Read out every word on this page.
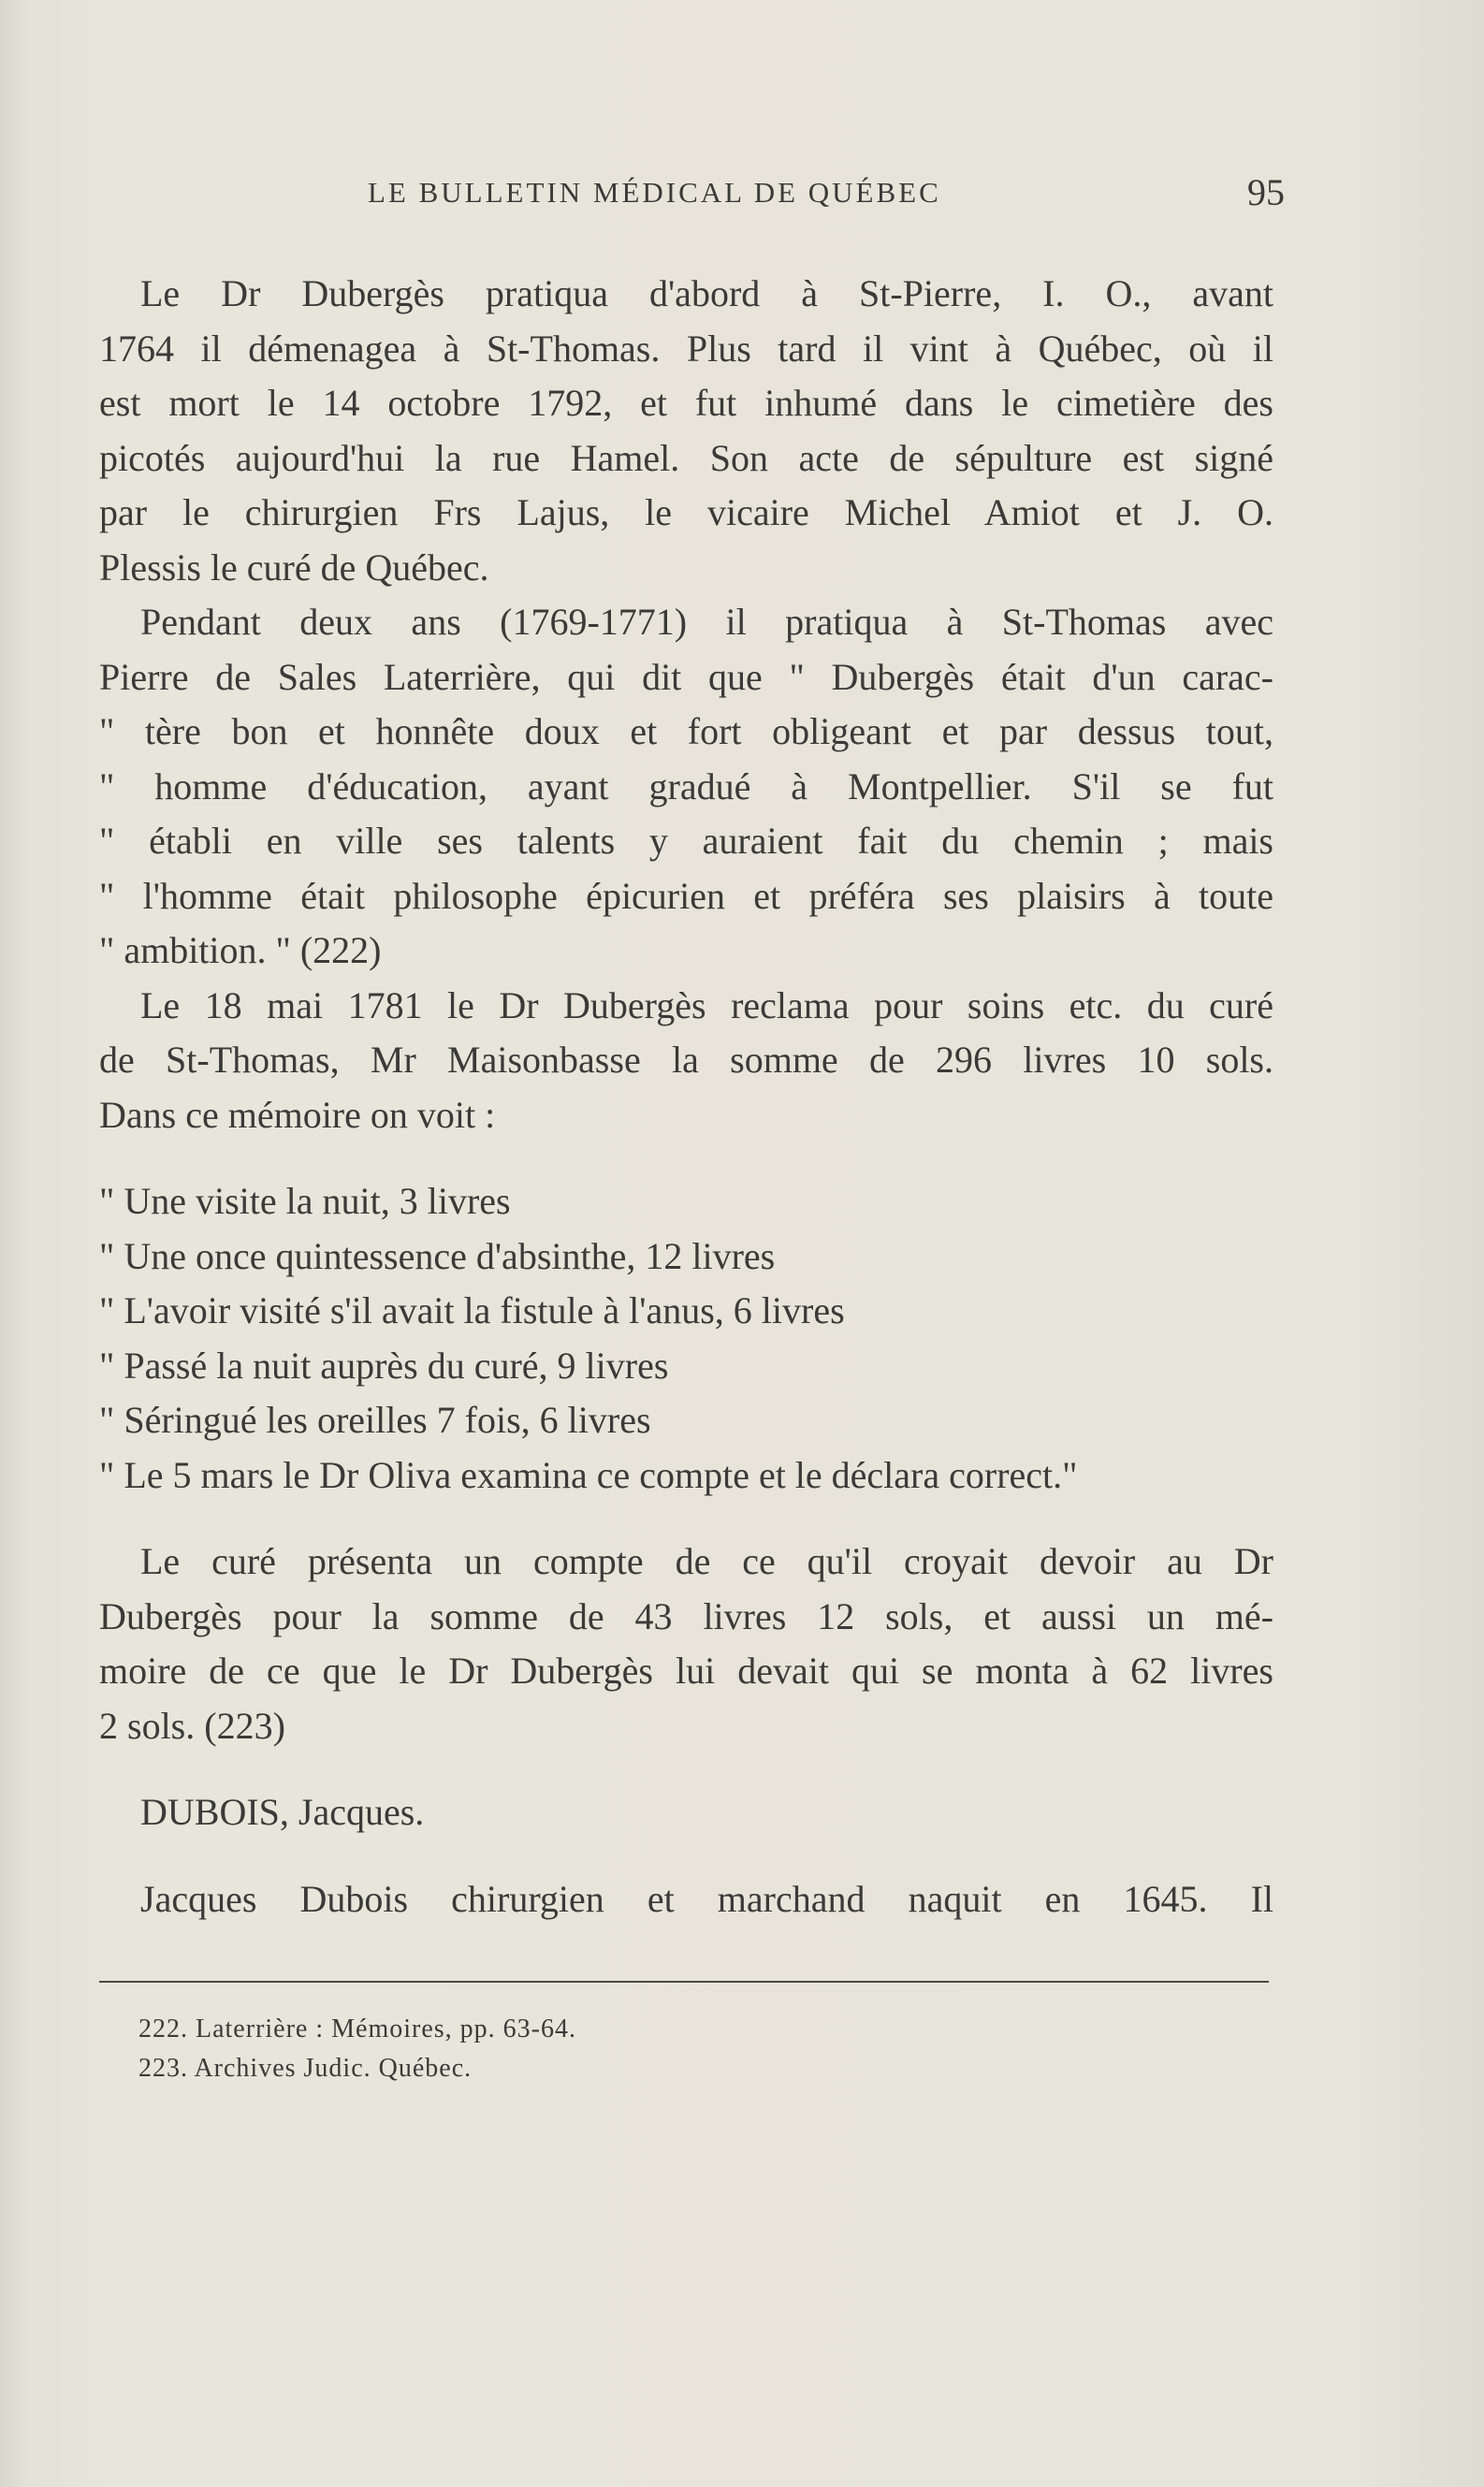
LE BULLETIN MÉDICAL DE QUÉBEC	95
Le Dr Dubergès pratiqua d'abord à St-Pierre, I. O., avant
1764 il démenagea à St-Thomas. Plus tard il vint à Québec, où il
est mort le 14 octobre 1792, et fut inhumé dans le cimetière des
picotés aujourd'hui la rue Hamel. Son acte de sépulture est signé
par le chirurgien Frs Lajus, le vicaire Michel Amiot et J. O.
Plessis le curé de Québec.
Pendant deux ans (1769-1771) il pratiqua à St-Thomas avec
Pierre de Sales Laterrière, qui dit que " Dubergès était d'un carac-
" tère bon et honnête doux et fort obligeant et par dessus tout,
" homme d'éducation, ayant gradué à Montpellier. S'il se fut
" établi en ville ses talents y auraient fait du chemin ; mais
" l'homme était philosophe épicurien et préféra ses plaisirs à toute
" ambition. " (222)
Le 18 mai 1781 le Dr Dubergès reclama pour soins etc. du curé
de St-Thomas, Mr Maisonbasse la somme de 296 livres 10 sols.
Dans ce mémoire on voit :
" Une visite la nuit, 3 livres
" Une once quintessence d'absinthe, 12 livres
" L'avoir visité s'il avait la fistule à l'anus, 6 livres
" Passé la nuit auprès du curé, 9 livres
" Séringué les oreilles 7 fois, 6 livres
" Le 5 mars le Dr Oliva examina ce compte et le déclara correct."
Le curé présenta un compte de ce qu'il croyait devoir au Dr
Dubergès pour la somme de 43 livres 12 sols, et aussi un mé-
moire de ce que le Dr Dubergès lui devait qui se monta à 62 livres
2 sols. (223)
DUBOIS, Jacques.
Jacques Dubois chirurgien et marchand naquit en 1645. Il
222. Laterrière : Mémoires, pp. 63-64.
223. Archives Judic. Québec.
